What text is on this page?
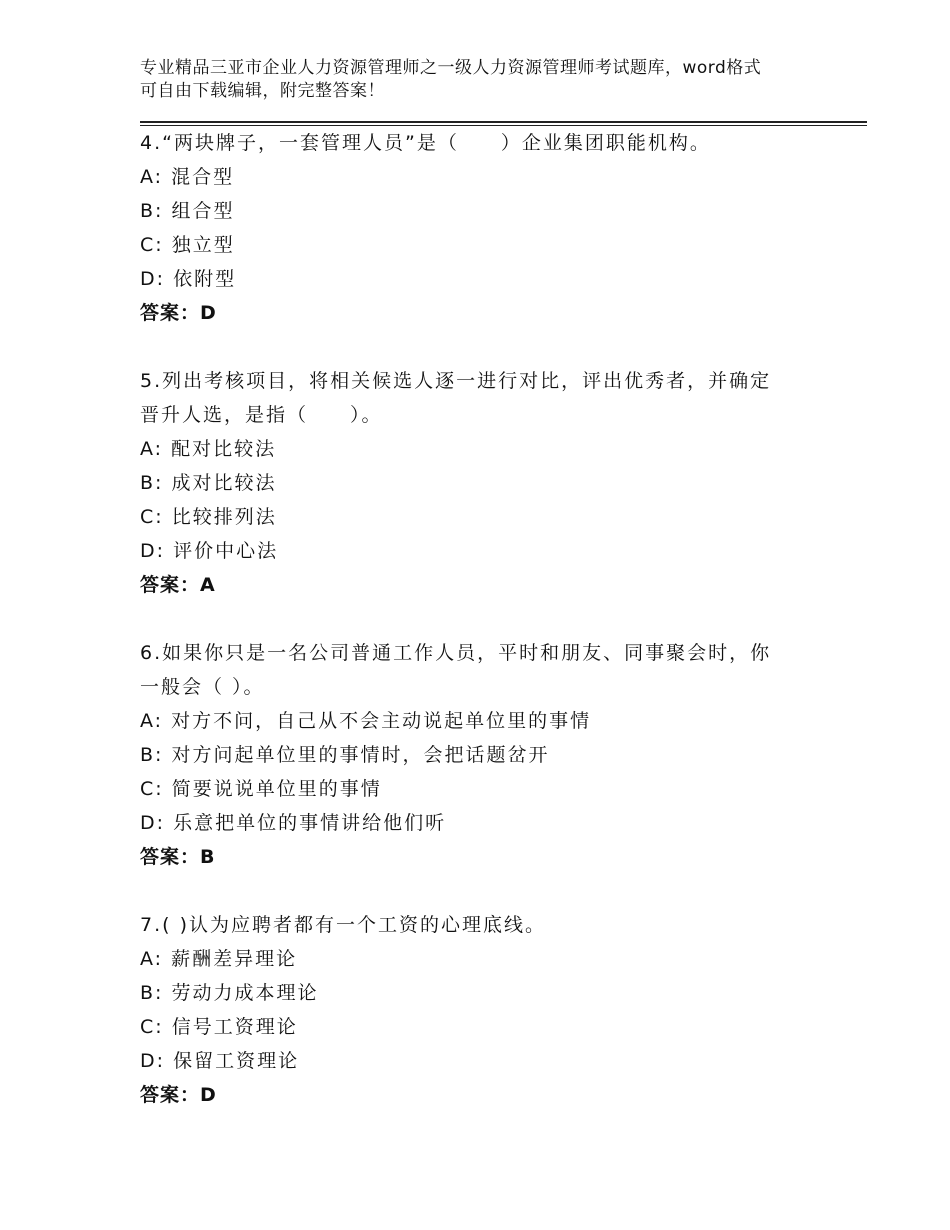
专业精品三亚市企业人力资源管理师之一级人力资源管理师考试题库，word格式
可自由下载编辑，附完整答案！
4.“两块牌子，一套管理人员”是（　　）企业集团职能机构。
A: 混合型
B: 组合型
C: 独立型
D: 依附型
答案：D
5.列出考核项目，将相关候选人逐一进行对比，评出优秀者，并确定
晋升人选，是指（　　）。
A: 配对比较法
B: 成对比较法
C: 比较排列法
D: 评价中心法
答案：A
6.如果你只是一名公司普通工作人员，平时和朋友、同事聚会时，你
一般会（ ）。
A: 对方不问，自己从不会主动说起单位里的事情
B: 对方问起单位里的事情时，会把话题岔开
C: 简要说说单位里的事情
D: 乐意把单位的事情讲给他们听
答案：B
7.( )认为应聘者都有一个工资的心理底线。
A: 薪酬差异理论
B: 劳动力成本理论
C: 信号工资理论
D: 保留工资理论
答案：D
